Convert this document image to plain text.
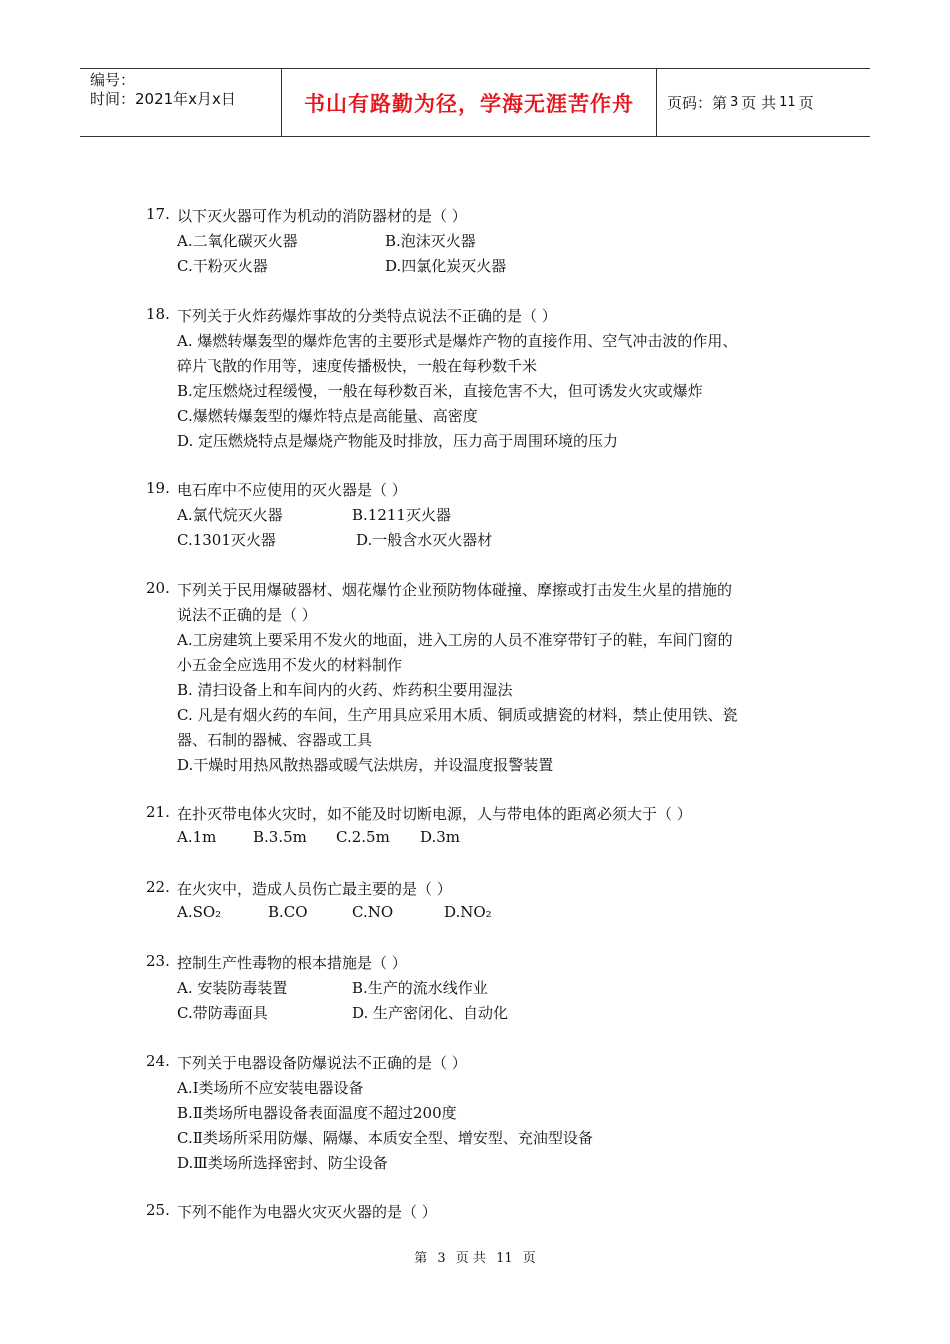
编号：
时间：2021年x月x日	书山有路勤为径，学海无涯苦作舟	页码：第 3 页 共 11 页
17. 以下灭火器可作为机动的消防器材的是（ ）
A.二氧化碳灭火器	B.泡沫灭火器
C.干粉灭火器	D.四氯化炭灭火器
18. 下列关于火炸药爆炸事故的分类特点说法不正确的是（ ）
A. 爆燃转爆轰型的爆炸危害的主要形式是爆炸产物的直接作用、空气冲击波的作用、
碎片飞散的作用等，速度传播极快，一般在每秒数千米
B.定压燃烧过程缓慢，一般在每秒数百米，直接危害不大，但可诱发火灾或爆炸
C.爆燃转爆轰型的爆炸特点是高能量、高密度
D. 定压燃烧特点是爆烧产物能及时排放，压力高于周围环境的压力
19. 电石库中不应使用的灭火器是（ ）
A.氯代烷灭火器	B.1211灭火器
C.1301灭火器	D.一般含水灭火器材
20. 下列关于民用爆破器材、烟花爆竹企业预防物体碰撞、摩擦或打击发生火星的措施的
说法不正确的是（ ）
A.工房建筑上要采用不发火的地面，进入工房的人员不准穿带钉子的鞋，车间门窗的
小五金全应选用不发火的材料制作
B. 清扫设备上和车间内的火药、炸药积尘要用湿法
C. 凡是有烟火药的车间，生产用具应采用木质、铜质或搪瓷的材料，禁止使用铁、瓷
器、石制的器械、容器或工具
D.干燥时用热风散热器或暖气法烘房，并设温度报警装置
21. 在扑灭带电体火灾时，如不能及时切断电源，人与带电体的距离必须大于（ ）
A.1m B.3.5m C.2.5m D.3m
22. 在火灾中，造成人员伤亡最主要的是（ ）
A.SO₂	B.CO	C.NO	D.NO₂
23. 控制生产性毒物的根本措施是（ ）
A. 安装防毒装置	B.生产的流水线作业
C.带防毒面具	D. 生产密闭化、自动化
24. 下列关于电器设备防爆说法不正确的是（ ）
A.Ⅰ类场所不应安装电器设备
B.Ⅱ类场所电器设备表面温度不超过200度
C.Ⅱ类场所采用防爆、隔爆、本质安全型、增安型、充油型设备
D.Ⅲ类场所选择密封、防尘设备
25. 下列不能作为电器火灾灭火器的是（ ）
第 3 页 共 11 页
